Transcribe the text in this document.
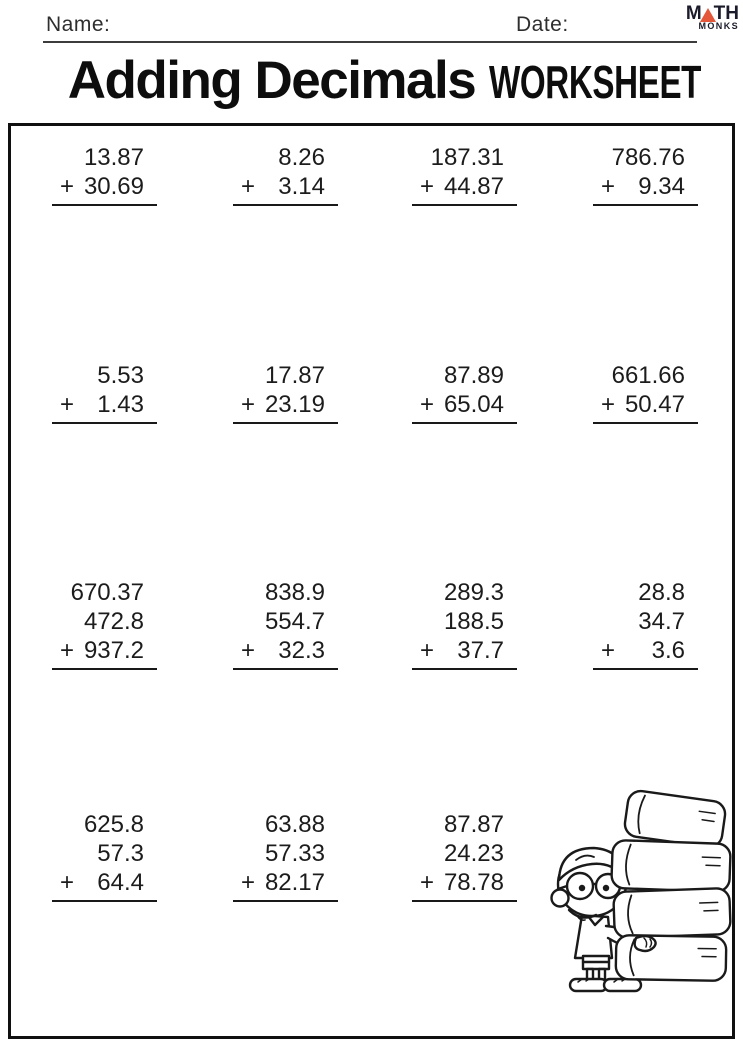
Name:	Date:	M TH
MONKS
Adding Decimals WORKSHEET
13.87
+ 30.69
8.26
+ 3.14
187.31
+ 44.87
786.76
+ 9.34
5.53
+ 1.43
17.87
+ 23.19
87.89
+ 65.04
661.66
+ 50.47
670.37
472.8
+ 937.2
838.9
554.7
+ 32.3
289.3
188.5
+ 37.7
28.8
34.7
+ 3.6
625.8
57.3
+ 64.4
63.88
57.33
+ 82.17
87.87
24.23
+ 78.78
